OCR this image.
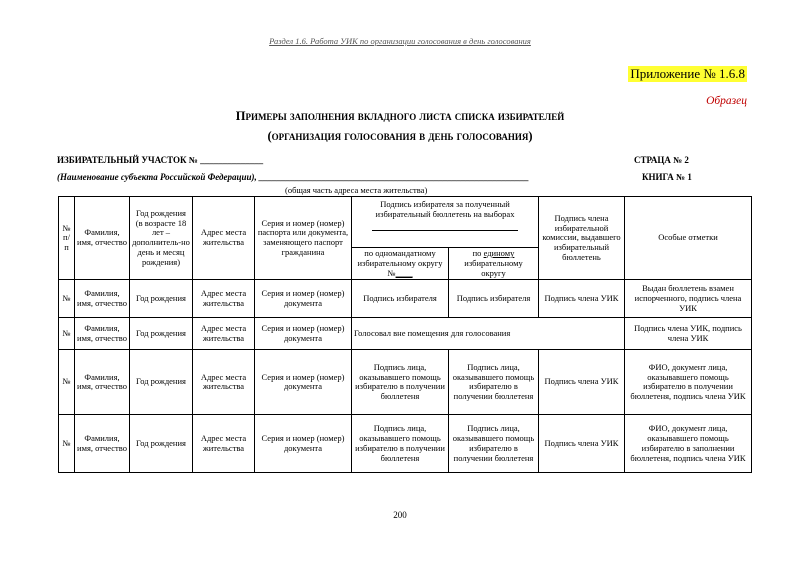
Раздел 1.6. Работа УИК по организации голосования в день голосования
Приложение № 1.6.8
Образец
Примеры заполнения вкладного листа списка избирателей
(организация голосования в день голосования)
ИЗБИРАТЕЛЬНЫЙ УЧАСТОК № ______________	СТРАЦА № 2
(Наименование субъекта Российской Федерации), ____________________________________________________________	КНИГА № 1
(общая часть адреса места жительства)
№ п/п	Фамилия, имя, отчество	Год рождения (в возрасте 18 лет – дополнитель-но день и месяц рождения)	Адрес места жительства	Серия и номер (номер) паспорта или документа, заменяющего паспорт гражданина	Подпись избирателя за полученный избирательный бюллетень на выборах		Подпись члена избирательной комиссии, выдавшего избирательный бюллетень	Особые отметки
					по одномандатному избирательному округу №____	по единому избирательному округу		
№	Фамилия, имя, отчество	Год рождения	Адрес места жительства	Серия и номер (номер) документа	Подпись избирателя	Подпись избирателя	Подпись члена УИК	Выдан бюллетень взамен испорченного, подпись члена УИК
№	Фамилия, имя, отчество	Год рождения	Адрес места жительства	Серия и номер (номер) документа	Голосовал вне помещения для голосования			Подпись члена УИК, подпись члена УИК
№	Фамилия, имя, отчество	Год рождения	Адрес места жительства	Серия и номер (номер) документа	Подпись лица, оказывавшего помощь избирателю в получении бюллетеня	Подпись лица, оказывавшего помощь избирателю в получении бюллетеня	Подпись члена УИК	ФИО, документ лица, оказывавшего помощь избирателю в получении бюллетеня, подпись члена УИК
№	Фамилия, имя, отчество	Год рождения	Адрес места жительства	Серия и номер (номер) документа	Подпись лица, оказывавшего помощь избирателю в получении бюллетеня	Подпись лица, оказывавшего помощь избирателю в получении бюллетеня	Подпись члена УИК	ФИО, документ лица, оказывавшего помощь избирателю в заполнении бюллетеня, подпись члена УИК
200
